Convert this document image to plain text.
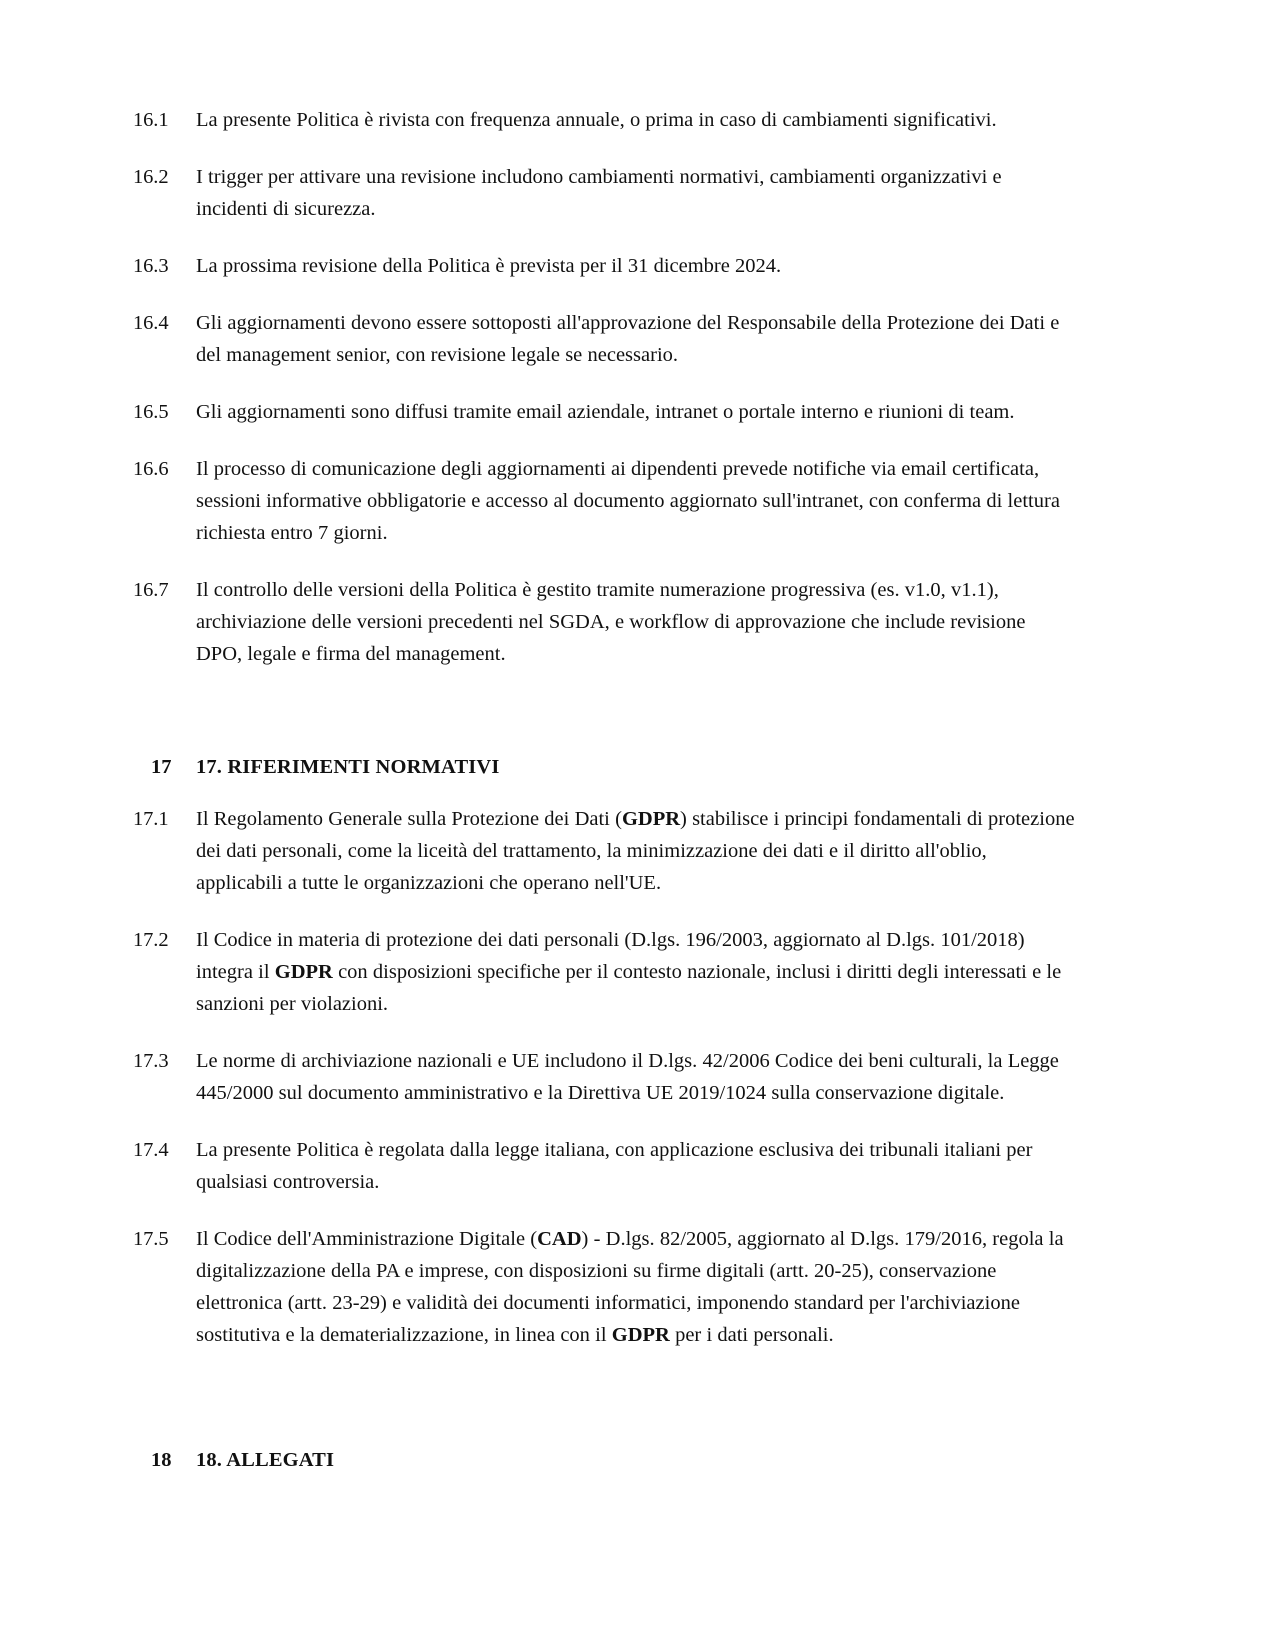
16.1	La presente Politica è rivista con frequenza annuale, o prima in caso di cambiamenti significativi.
16.2	I trigger per attivare una revisione includono cambiamenti normativi, cambiamenti organizzativi e incidenti di sicurezza.
16.3	La prossima revisione della Politica è prevista per il 31 dicembre 2024.
16.4	Gli aggiornamenti devono essere sottoposti all'approvazione del Responsabile della Protezione dei Dati e del management senior, con revisione legale se necessario.
16.5	Gli aggiornamenti sono diffusi tramite email aziendale, intranet o portale interno e riunioni di team.
16.6	Il processo di comunicazione degli aggiornamenti ai dipendenti prevede notifiche via email certificata, sessioni informative obbligatorie e accesso al documento aggiornato sull'intranet, con conferma di lettura richiesta entro 7 giorni.
16.7	Il controllo delle versioni della Politica è gestito tramite numerazione progressiva (es. v1.0, v1.1), archiviazione delle versioni precedenti nel SGDA, e workflow di approvazione che include revisione DPO, legale e firma del management.
17	17. RIFERIMENTI NORMATIVI
17.1	Il Regolamento Generale sulla Protezione dei Dati (GDPR) stabilisce i principi fondamentali di protezione dei dati personali, come la liceità del trattamento, la minimizzazione dei dati e il diritto all'oblio, applicabili a tutte le organizzazioni che operano nell'UE.
17.2	Il Codice in materia di protezione dei dati personali (D.lgs. 196/2003, aggiornato al D.lgs. 101/2018) integra il GDPR con disposizioni specifiche per il contesto nazionale, inclusi i diritti degli interessati e le sanzioni per violazioni.
17.3	Le norme di archiviazione nazionali e UE includono il D.lgs. 42/2006 Codice dei beni culturali, la Legge 445/2000 sul documento amministrativo e la Direttiva UE 2019/1024 sulla conservazione digitale.
17.4	La presente Politica è regolata dalla legge italiana, con applicazione esclusiva dei tribunali italiani per qualsiasi controversia.
17.5	Il Codice dell'Amministrazione Digitale (CAD) - D.lgs. 82/2005, aggiornato al D.lgs. 179/2016, regola la digitalizzazione della PA e imprese, con disposizioni su firme digitali (artt. 20-25), conservazione elettronica (artt. 23-29) e validità dei documenti informatici, imponendo standard per l'archiviazione sostitutiva e la dematerializzazione, in linea con il GDPR per i dati personali.
18	18. ALLEGATI
